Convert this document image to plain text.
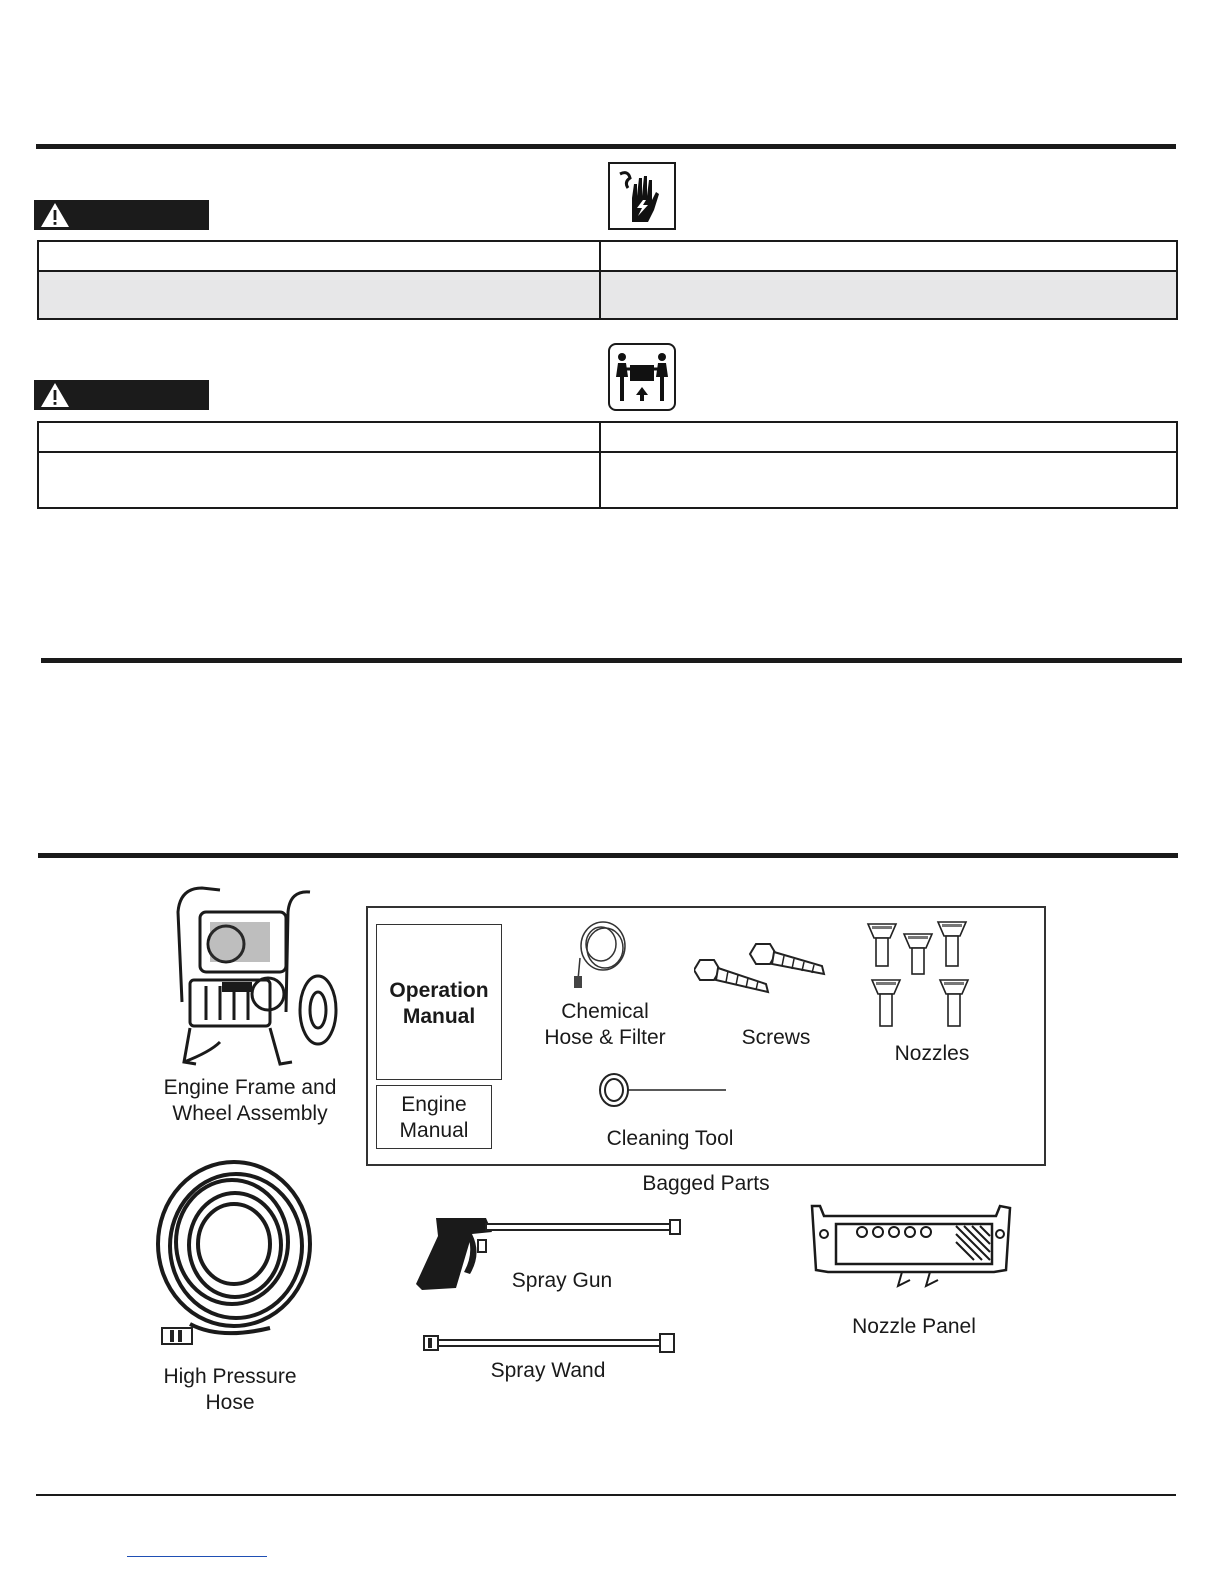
Engine Frame and
Wheel Assembly
Operation
Manual
Engine
Manual
Chemical
Hose & Filter	Screws
Nozzles
Cleaning Tool
Bagged Parts
High Pressure
Hose
Spray Gun
Spray Wand
Nozzle Panel
